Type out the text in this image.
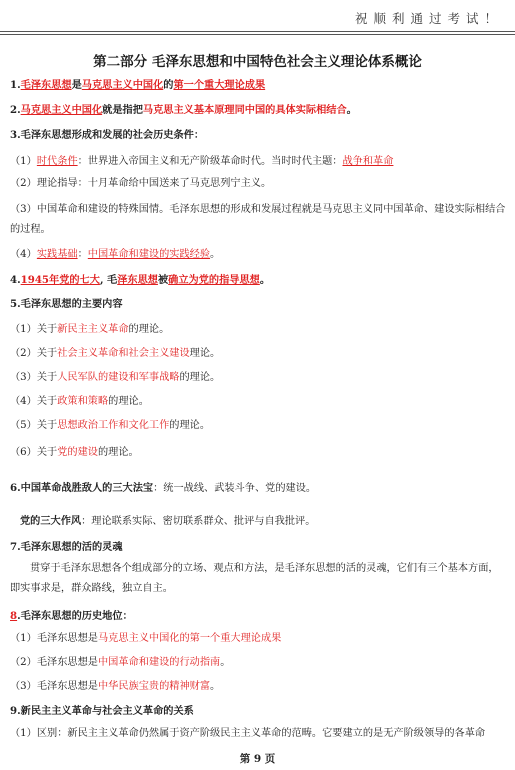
祝顺利通过考试！
第二部分 毛泽东思想和中国特色社会主义理论体系概论
1.毛泽东思想是马克思主义中国化的第一个重大理论成果
2.马克思主义中国化就是指把马克思主义基本原理同中国的具体实际相结合。
3.毛泽东思想形成和发展的社会历史条件：
（1）时代条件：世界进入帝国主义和无产阶级革命时代。当时时代主题：战争和革命
（2）理论指导：十月革命给中国送来了马克思列宁主义。
（3）中国革命和建设的特殊国情。毛泽东思想的形成和发展过程就是马克思主义同中国革命、建设实际相结合的过程。
（4）实践基础：中国革命和建设的实践经验。
4.1945年党的七大, 毛泽东思想被确立为党的指导思想。
5.毛泽东思想的主要内容
（1）关于新民主主义革命的理论。
（2）关于社会主义革命和社会主义建设理论。
（3）关于人民军队的建设和军事战略的理论。
（4）关于政策和策略的理论。
（5）关于思想政治工作和文化工作的理论。
（6）关于党的建设的理论。
6.中国革命战胜敌人的三大法宝：统一战线、武装斗争、党的建设。
党的三大作风：理论联系实际、密切联系群众、批评与自我批评。
7.毛泽东思想的活的灵魂
贯穿于毛泽东思想各个组成部分的立场、观点和方法，是毛泽东思想的活的灵魂，它们有三个基本方面，即实事求是，群众路线，独立自主。
8.毛泽东思想的历史地位：
（1）毛泽东思想是马克思主义中国化的第一个重大理论成果
（2）毛泽东思想是中国革命和建设的行动指南。
（3）毛泽东思想是中华民族宝贵的精神财富。
9.新民主主义革命与社会主义革命的关系
（1）区别：新民主主义革命仍然属于资产阶级民主主义革命的范畴。它要建立的是无产阶级领导的各革命
第 9 页
